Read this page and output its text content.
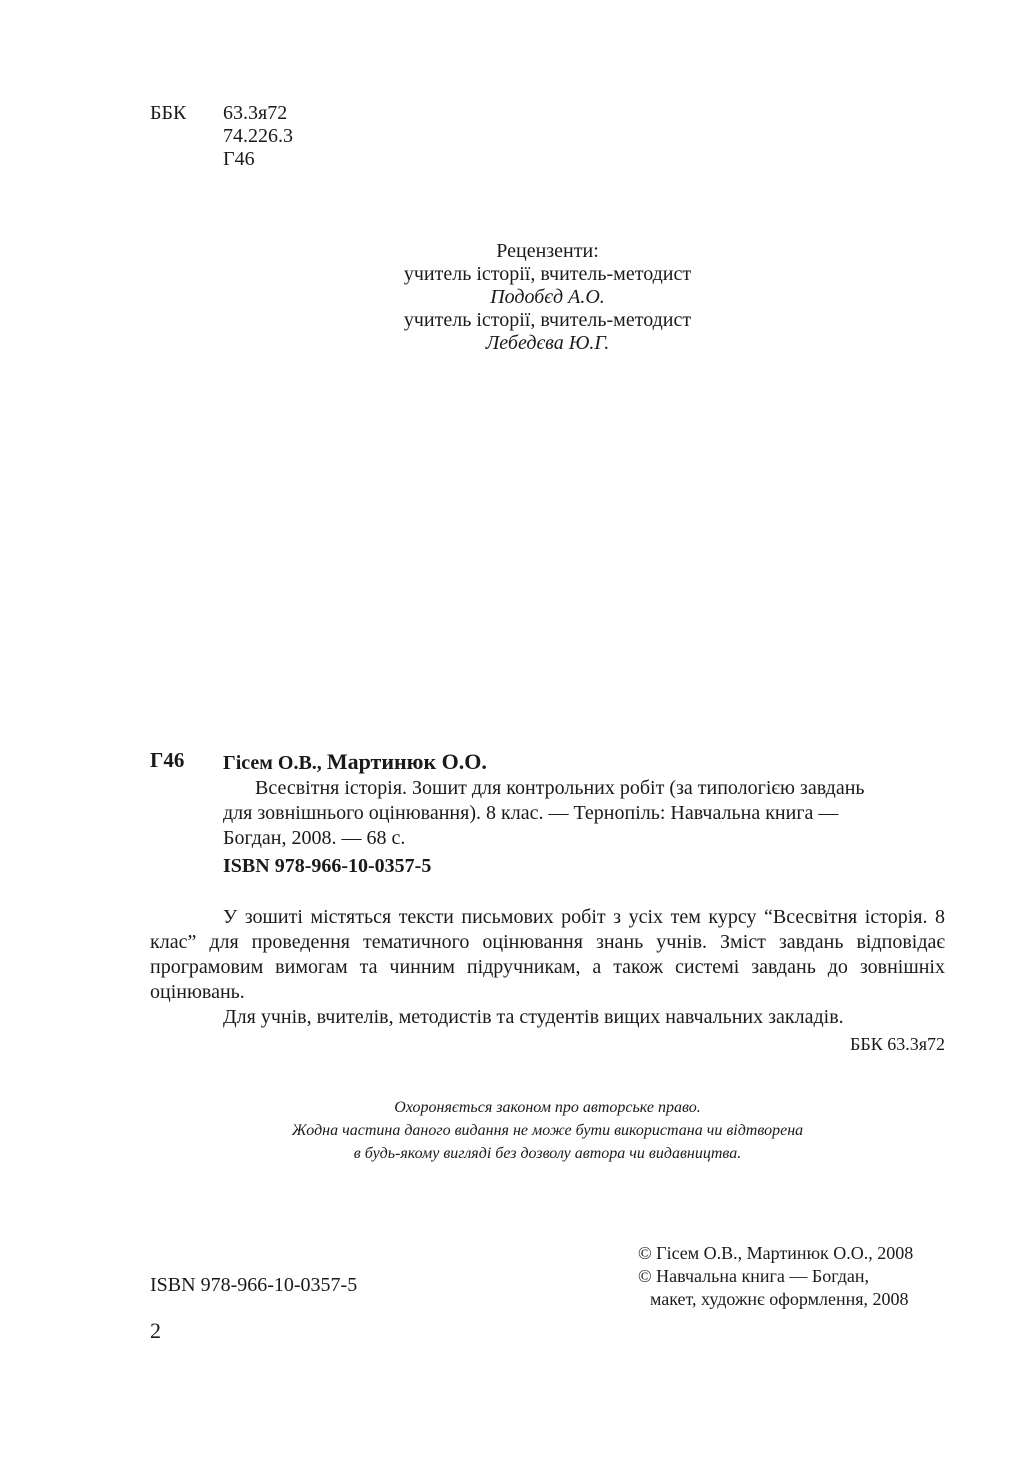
ББК 63.3я72
74.226.3
Г46
Рецензенти:
учитель історії, вчитель-методист
Подобєд А.О.
учитель історії, вчитель-методист
Лебедєва Ю.Г.
Г46 Гісем О.В., Мартинюк О.О.
Всесвітня історія. Зошит для контрольних робіт (за типологією завдань
для зовнішнього оцінювання). 8 клас. — Тернопіль: Навчальна книга —
Богдан, 2008. — 68 с.
ISBN 978-966-10-0357-5

У зошиті містяться тексти письмових робіт з усіх тем курсу “Всесвітня історія. 8 клас” для проведення тематичного оцінювання знань учнів. Зміст завдань відповідає програмовим вимогам та чинним підручникам, а також системі завдань до зовнішніх оцінювань.

Для учнів, вчителів, методистів та студентів вищих навчальних закладів.

ББК 63.3я72
Охороняється законом про авторське право.
Жодна частина даного видання не може бути використана чи відтворена
в будь-якому вигляді без дозволу автора чи видавництва.
© Гісем О.В., Мартинюк О.О., 2008
© Навчальна книга — Богдан,
макет, художнє оформлення, 2008
ISBN 978-966-10-0357-5
2
